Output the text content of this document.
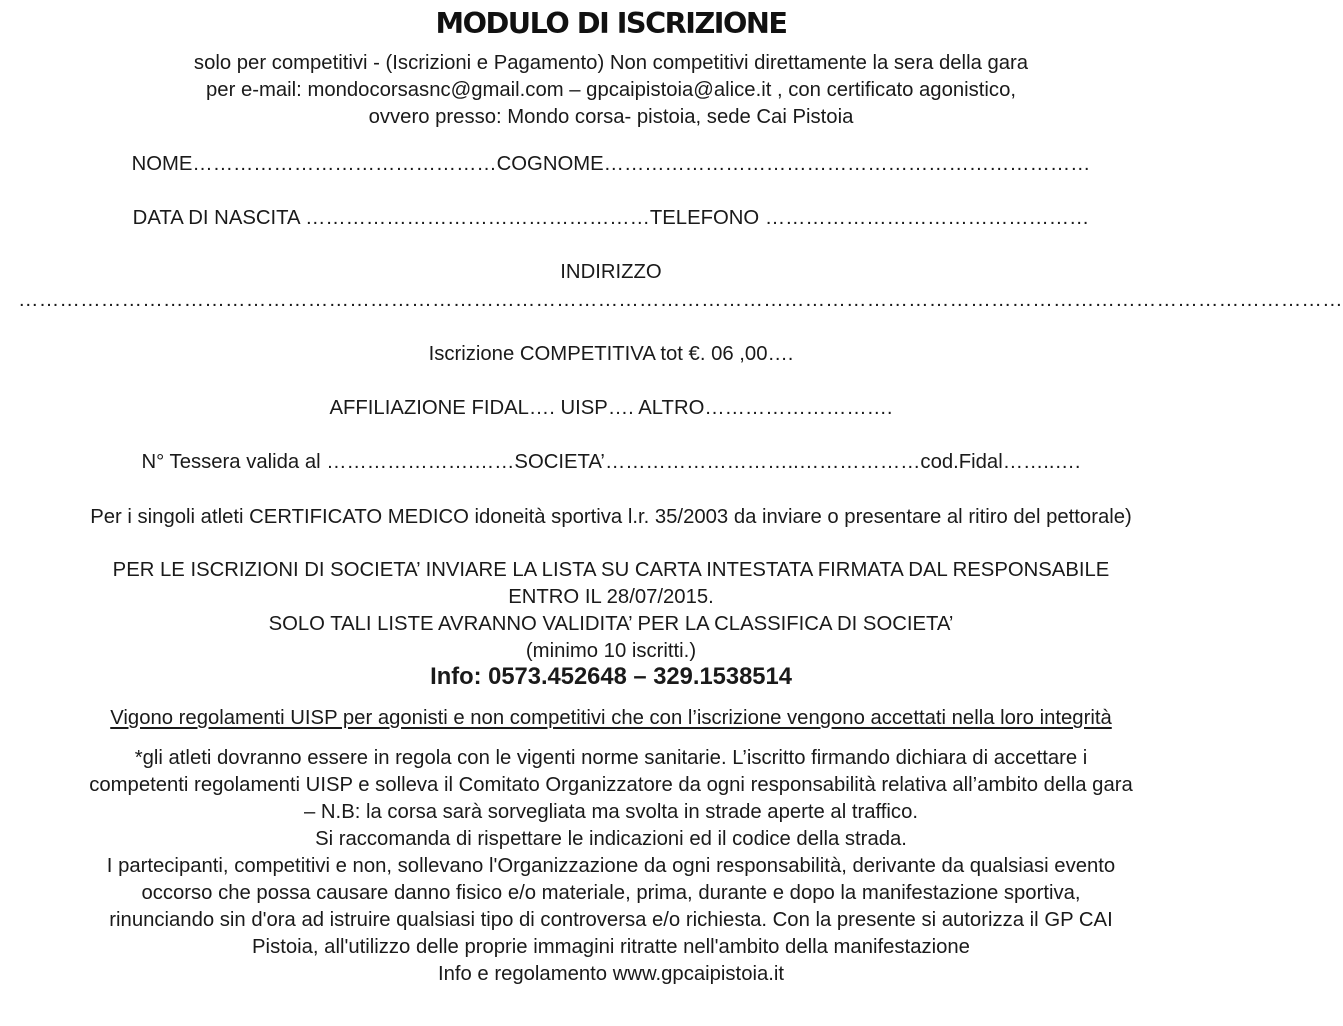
MODULO DI ISCRIZIONE
solo per competitivi - (Iscrizioni e Pagamento) Non competitivi direttamente la sera della gara
per e-mail: mondocorsasnc@gmail.com – gpcaipistoia@alice.it , con certificato agonistico,
ovvero presso: Mondo corsa- pistoia, sede Cai Pistoia
NOME………………………………………COGNOME………………………………………………………………
DATA DI NASCITA ……………………………………………TELEFONO …………………………………………
INDIRIZZO
…………………………………………………………………………………………………………………………………………………………………………
Iscrizione COMPETITIVA tot €. 06 ,00….
AFFILIAZIONE FIDAL…. UISP…. ALTRO……………………….
N° Tessera valida al ………………….……SOCIETA’………………………..………………cod.Fidal……..….
Per i singoli atleti CERTIFICATO MEDICO idoneità sportiva l.r. 35/2003 da inviare o presentare al ritiro del pettorale)
PER LE ISCRIZIONI DI SOCIETA’ INVIARE LA LISTA SU CARTA INTESTATA FIRMATA DAL RESPONSABILE
ENTRO IL 28/07/2015.
SOLO TALI LISTE AVRANNO VALIDITA’ PER LA CLASSIFICA DI SOCIETA’
(minimo 10 iscritti.)
Info: 0573.452648 – 329.1538514
Vigono regolamenti UISP per agonisti e non competitivi che con l’iscrizione vengono accettati nella loro integrità
*gli atleti dovranno essere in regola con le vigenti norme sanitarie. L’iscritto firmando dichiara di accettare i
competenti regolamenti UISP e solleva il Comitato Organizzatore da ogni responsabilità relativa all’ambito della gara
– N.B: la corsa sarà sorvegliata ma svolta in strade aperte al traffico.
Si raccomanda di rispettare le indicazioni ed il codice della strada.
I partecipanti, competitivi e non, sollevano l'Organizzazione da ogni responsabilità, derivante da qualsiasi evento
occorso che possa causare danno fisico e/o materiale, prima, durante e dopo la manifestazione sportiva,
rinunciando sin d'ora ad istruire qualsiasi tipo di controversa e/o richiesta. Con la presente si autorizza il GP CAI
Pistoia, all'utilizzo delle proprie immagini ritratte nell'ambito della manifestazione
Info e regolamento www.gpcaipistoia.it
